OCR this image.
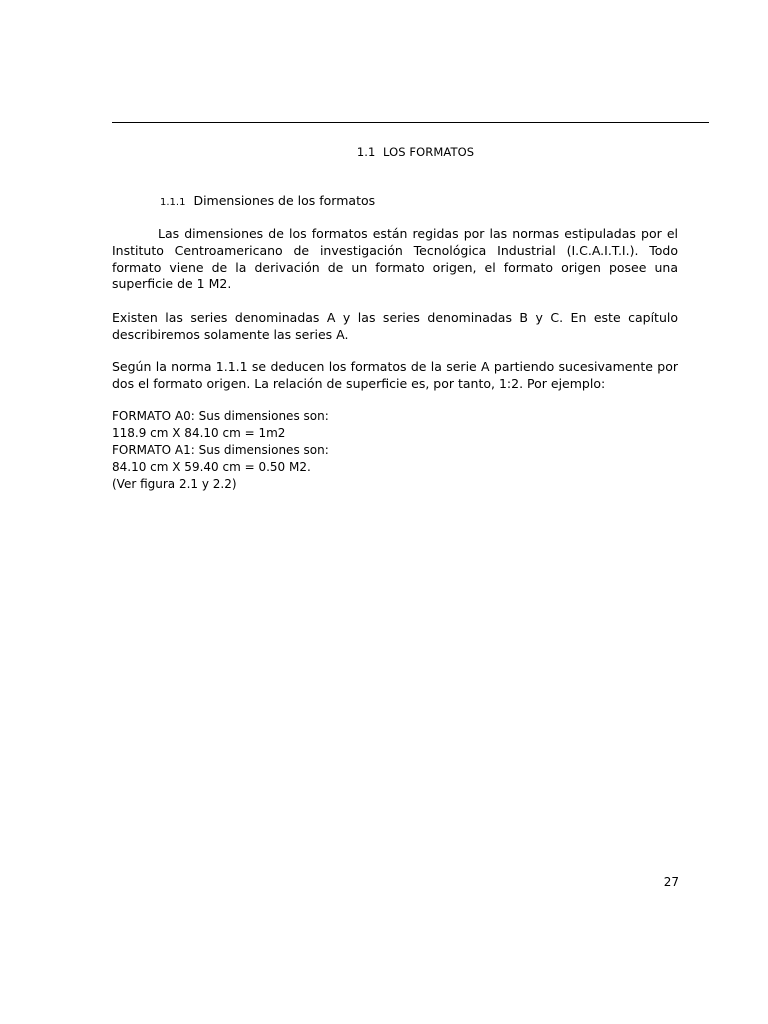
1.1 LOS FORMATOS
1.1.1 Dimensiones de los formatos

Las dimensiones de los formatos están regidas por las normas estipuladas por el Instituto Centroamericano de investigación Tecnológica Industrial (I.C.A.I.T.I.). Todo formato viene de la derivación de un formato origen, el formato origen posee una superficie de 1 M2.

Existen las series denominadas A y las series denominadas B y C. En este capítulo describiremos solamente las series A.

Según la norma 1.1.1 se deducen los formatos de la serie A partiendo sucesivamente por dos el formato origen. La relación de superficie es, por tanto, 1:2. Por ejemplo:

FORMATO A0: Sus dimensiones son:
118.9 cm X 84.10 cm = 1m2
FORMATO A1: Sus dimensiones son:
84.10 cm X 59.40 cm = 0.50 M2.
(Ver figura 2.1 y 2.2)
27
